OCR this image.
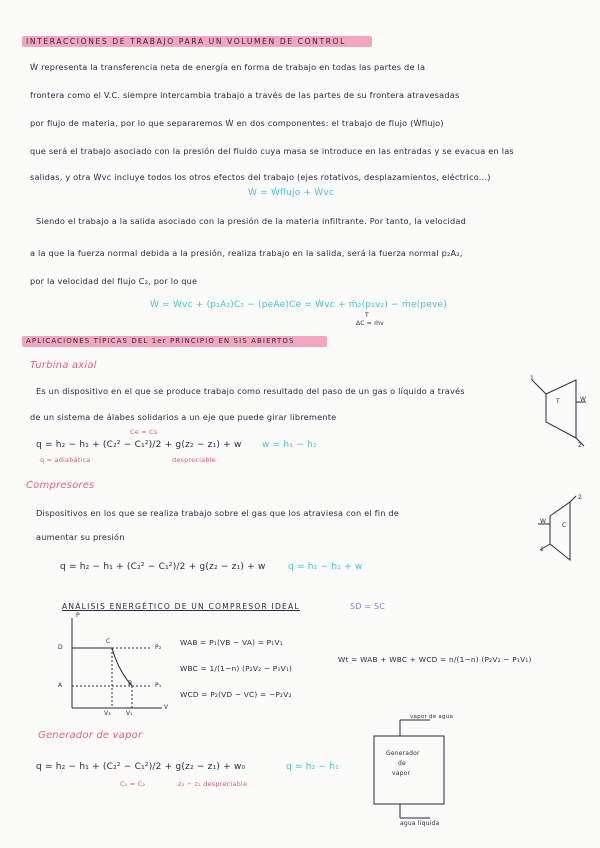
INTERACCIONES DE TRABAJO PARA UN VOLUMEN DE CONTROL
Ẇ representa la transferencia neta de energía en forma de trabajo en todas las partes de la
frontera como el V.C. siempre intercambia trabajo a través de las partes de su frontera atravesadas
por flujo de materia, por lo que separaremos Ẇ en dos componentes: el trabajo de flujo (Ẇflujo)
que será el trabajo asociado con la presión del fluido cuya masa se introduce en las entradas y se evacua en las
salidas, y otra Ẇvc incluye todos los otros efectos del trabajo (ejes rotativos, desplazamientos, eléctrico...)
Ẇ = Ẇflujo + Ẇvc
Siendo el trabajo a la salida asociado con la presión de la materia infiltrante. Por tanto, la velocidad
a la que la fuerza normal debida a la presión, realiza trabajo en la salida, será la fuerza normal p₂A₂,
por la velocidad del flujo C₂, por lo que
Ẇ = Ẇvc + (p₂A₂)C₂ − (peAe)Ce = Ẇvc + ṁ₂(p₂v₂) − ṁe(peve)
T
ΔC = ṁv
APLICACIONES TÍPICAS DEL 1er PRINCIPIO EN SIS ABIERTOS
Turbina axial
Es un dispositivo en el que se produce trabajo como resultado del paso de un gas o líquido a través
de un sistema de álabes solidarios a un eje que puede girar libremente
Ce ≈ Cs
q = h₂ − h₁ + (C₂² − C₁²)/2 + g(z₂ − z₁) + w w = h₁ − h₂
q = adiabática	despreciable
1
2
T	W
Compresores
Dispositivos en los que se realiza trabajo sobre el gas que los atraviesa con el fin de
aumentar su presión
q = h₂ − h₁ + (C₂² − C₁²)/2 + g(z₂ − z₁) + w q = h₂ − h₁ + w
1
2
C
W
ANÁLISIS ENERGÉTICO DE UN COMPRESOR IDEAL	SD = SC
P
V
D
C
A	B	P₁
P₂
V₂	V₁
WAB = P₁(VB − VA) = P₁V₁
WBC = 1/(1−n) (P₂V₂ − P₁V₁)
WCD = P₂(VD − VC) = −P₂V₂
Wt = WAB + WBC + WCD = n/(1−n) (P₂V₂ − P₁V₁)
Generador de vapor
q = h₂ − h₁ + (C₂² − C₁²)/2 + g(z₂ − z₁) + w₀	q = h₂ − h₁
C₁ ≈ C₂	z₂ − z₁ despreciable
Generador
de
vapor
vapor de agua
agua líquida
